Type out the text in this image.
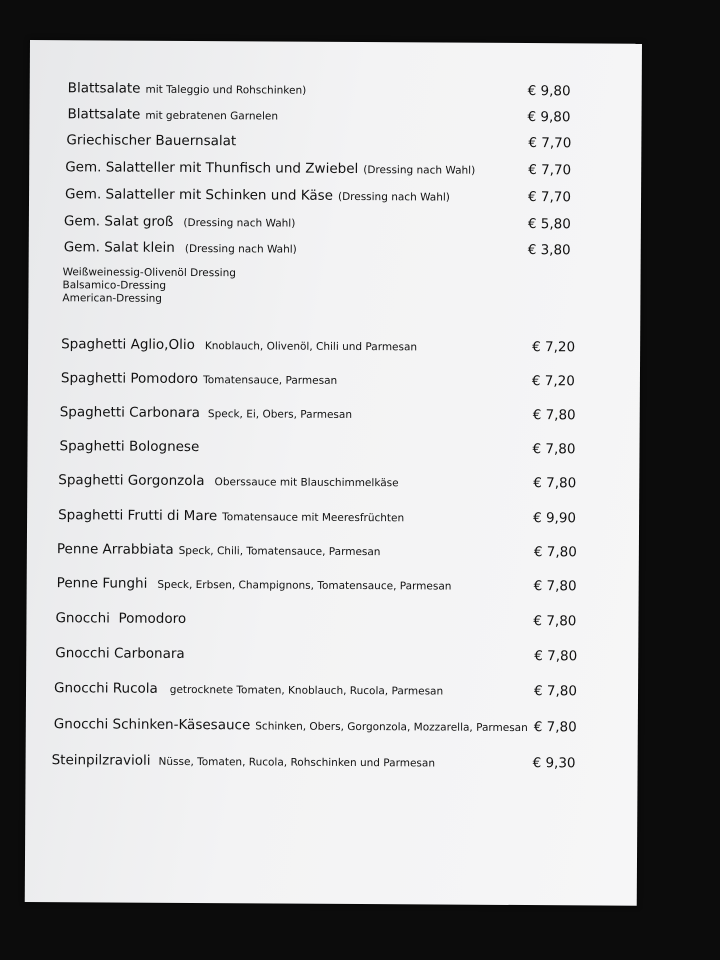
Blattsalate mit Taleggio und Rohschinken)	€ 9,80
Blattsalate mit gebratenen Garnelen	€ 9,80
Griechischer Bauernsalat	€ 7,70
Gem. Salatteller mit Thunfisch und Zwiebel (Dressing nach Wahl)	€ 7,70
Gem. Salatteller mit Schinken und Käse (Dressing nach Wahl)	€ 7,70
Gem. Salat groß (Dressing nach Wahl)	€ 5,80
Gem. Salat klein (Dressing nach Wahl)	€ 3,80
Weißweinessig-Olivenöl Dressing
Balsamico-Dressing
American-Dressing
Spaghetti Aglio,Olio Knoblauch, Olivenöl, Chili und Parmesan	€ 7,20
Spaghetti Pomodoro Tomatensauce, Parmesan	€ 7,20
Spaghetti Carbonara Speck, Ei, Obers, Parmesan	€ 7,80
Spaghetti Bolognese	€ 7,80
Spaghetti Gorgonzola Oberssauce mit Blauschimmelkäse	€ 7,80
Spaghetti Frutti di Mare Tomatensauce mit Meeresfrüchten	€ 9,90
Penne Arrabbiata Speck, Chili, Tomatensauce, Parmesan	€ 7,80
Penne Funghi Speck, Erbsen, Champignons, Tomatensauce, Parmesan	€ 7,80
Gnocchi  Pomodoro	€ 7,80
Gnocchi Carbonara	€ 7,80
Gnocchi Rucola getrocknete Tomaten, Knoblauch, Rucola, Parmesan	€ 7,80
Gnocchi Schinken-Käsesauce Schinken, Obers, Gorgonzola, Mozzarella, Parmesan € 7,80
Steinpilzravioli Nüsse, Tomaten, Rucola, Rohschinken und Parmesan	€ 9,30
